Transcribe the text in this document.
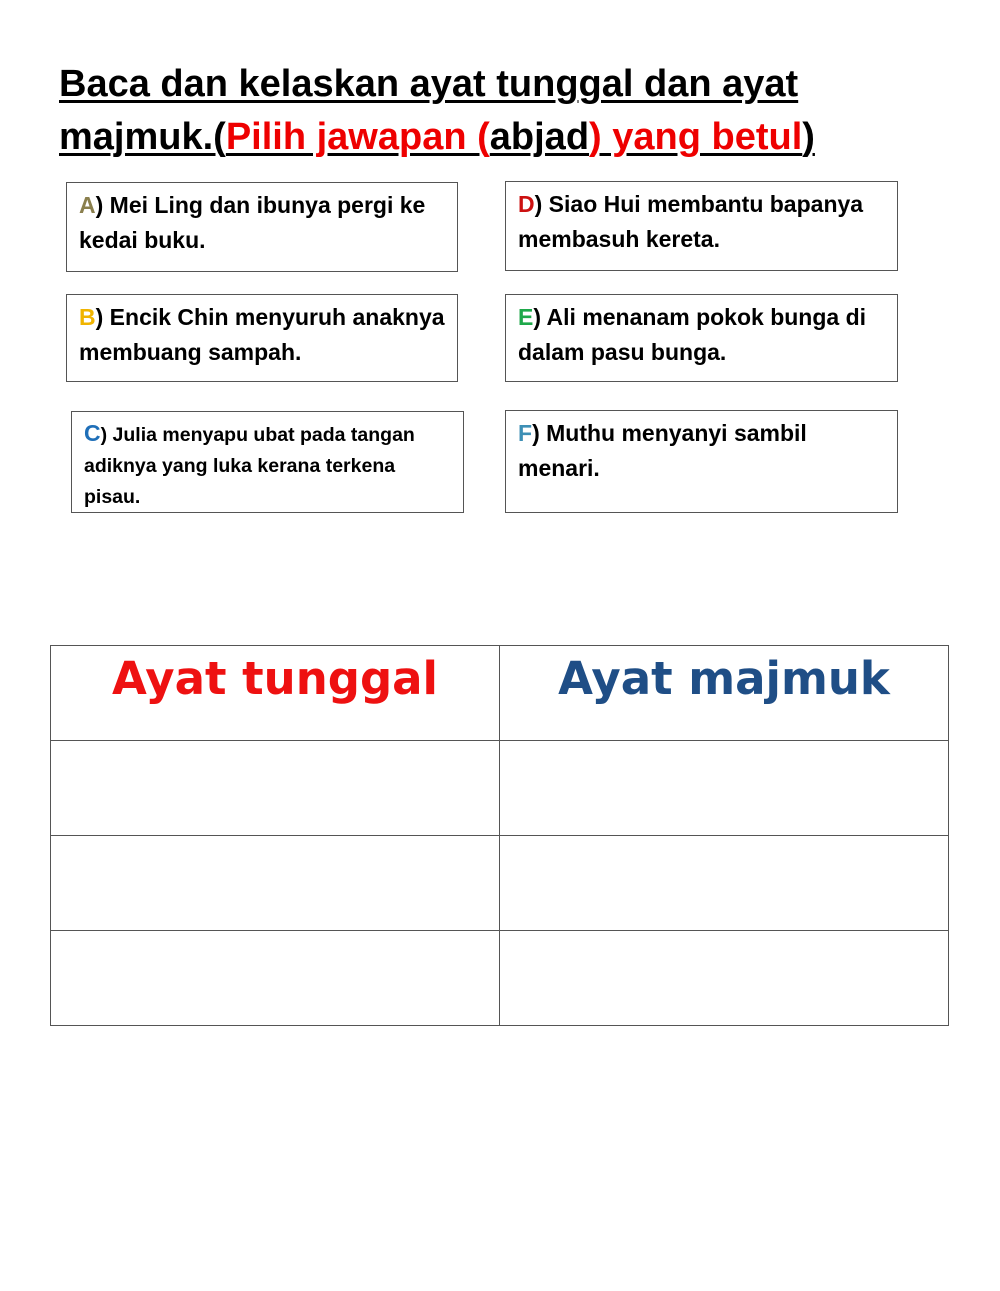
Baca dan kelaskan ayat tunggal dan ayat majmuk.(Pilih jawapan (abjad) yang betul)
A) Mei Ling dan ibunya pergi ke kedai buku.
D) Siao Hui membantu bapanya membasuh kereta.
B) Encik Chin menyuruh anaknya membuang sampah.
E) Ali menanam pokok bunga di dalam pasu bunga.
C) Julia menyapu ubat pada tangan adiknya yang luka kerana terkena pisau.
F) Muthu menyanyi sambil menari.
Ayat tunggal	Ayat majmuk
